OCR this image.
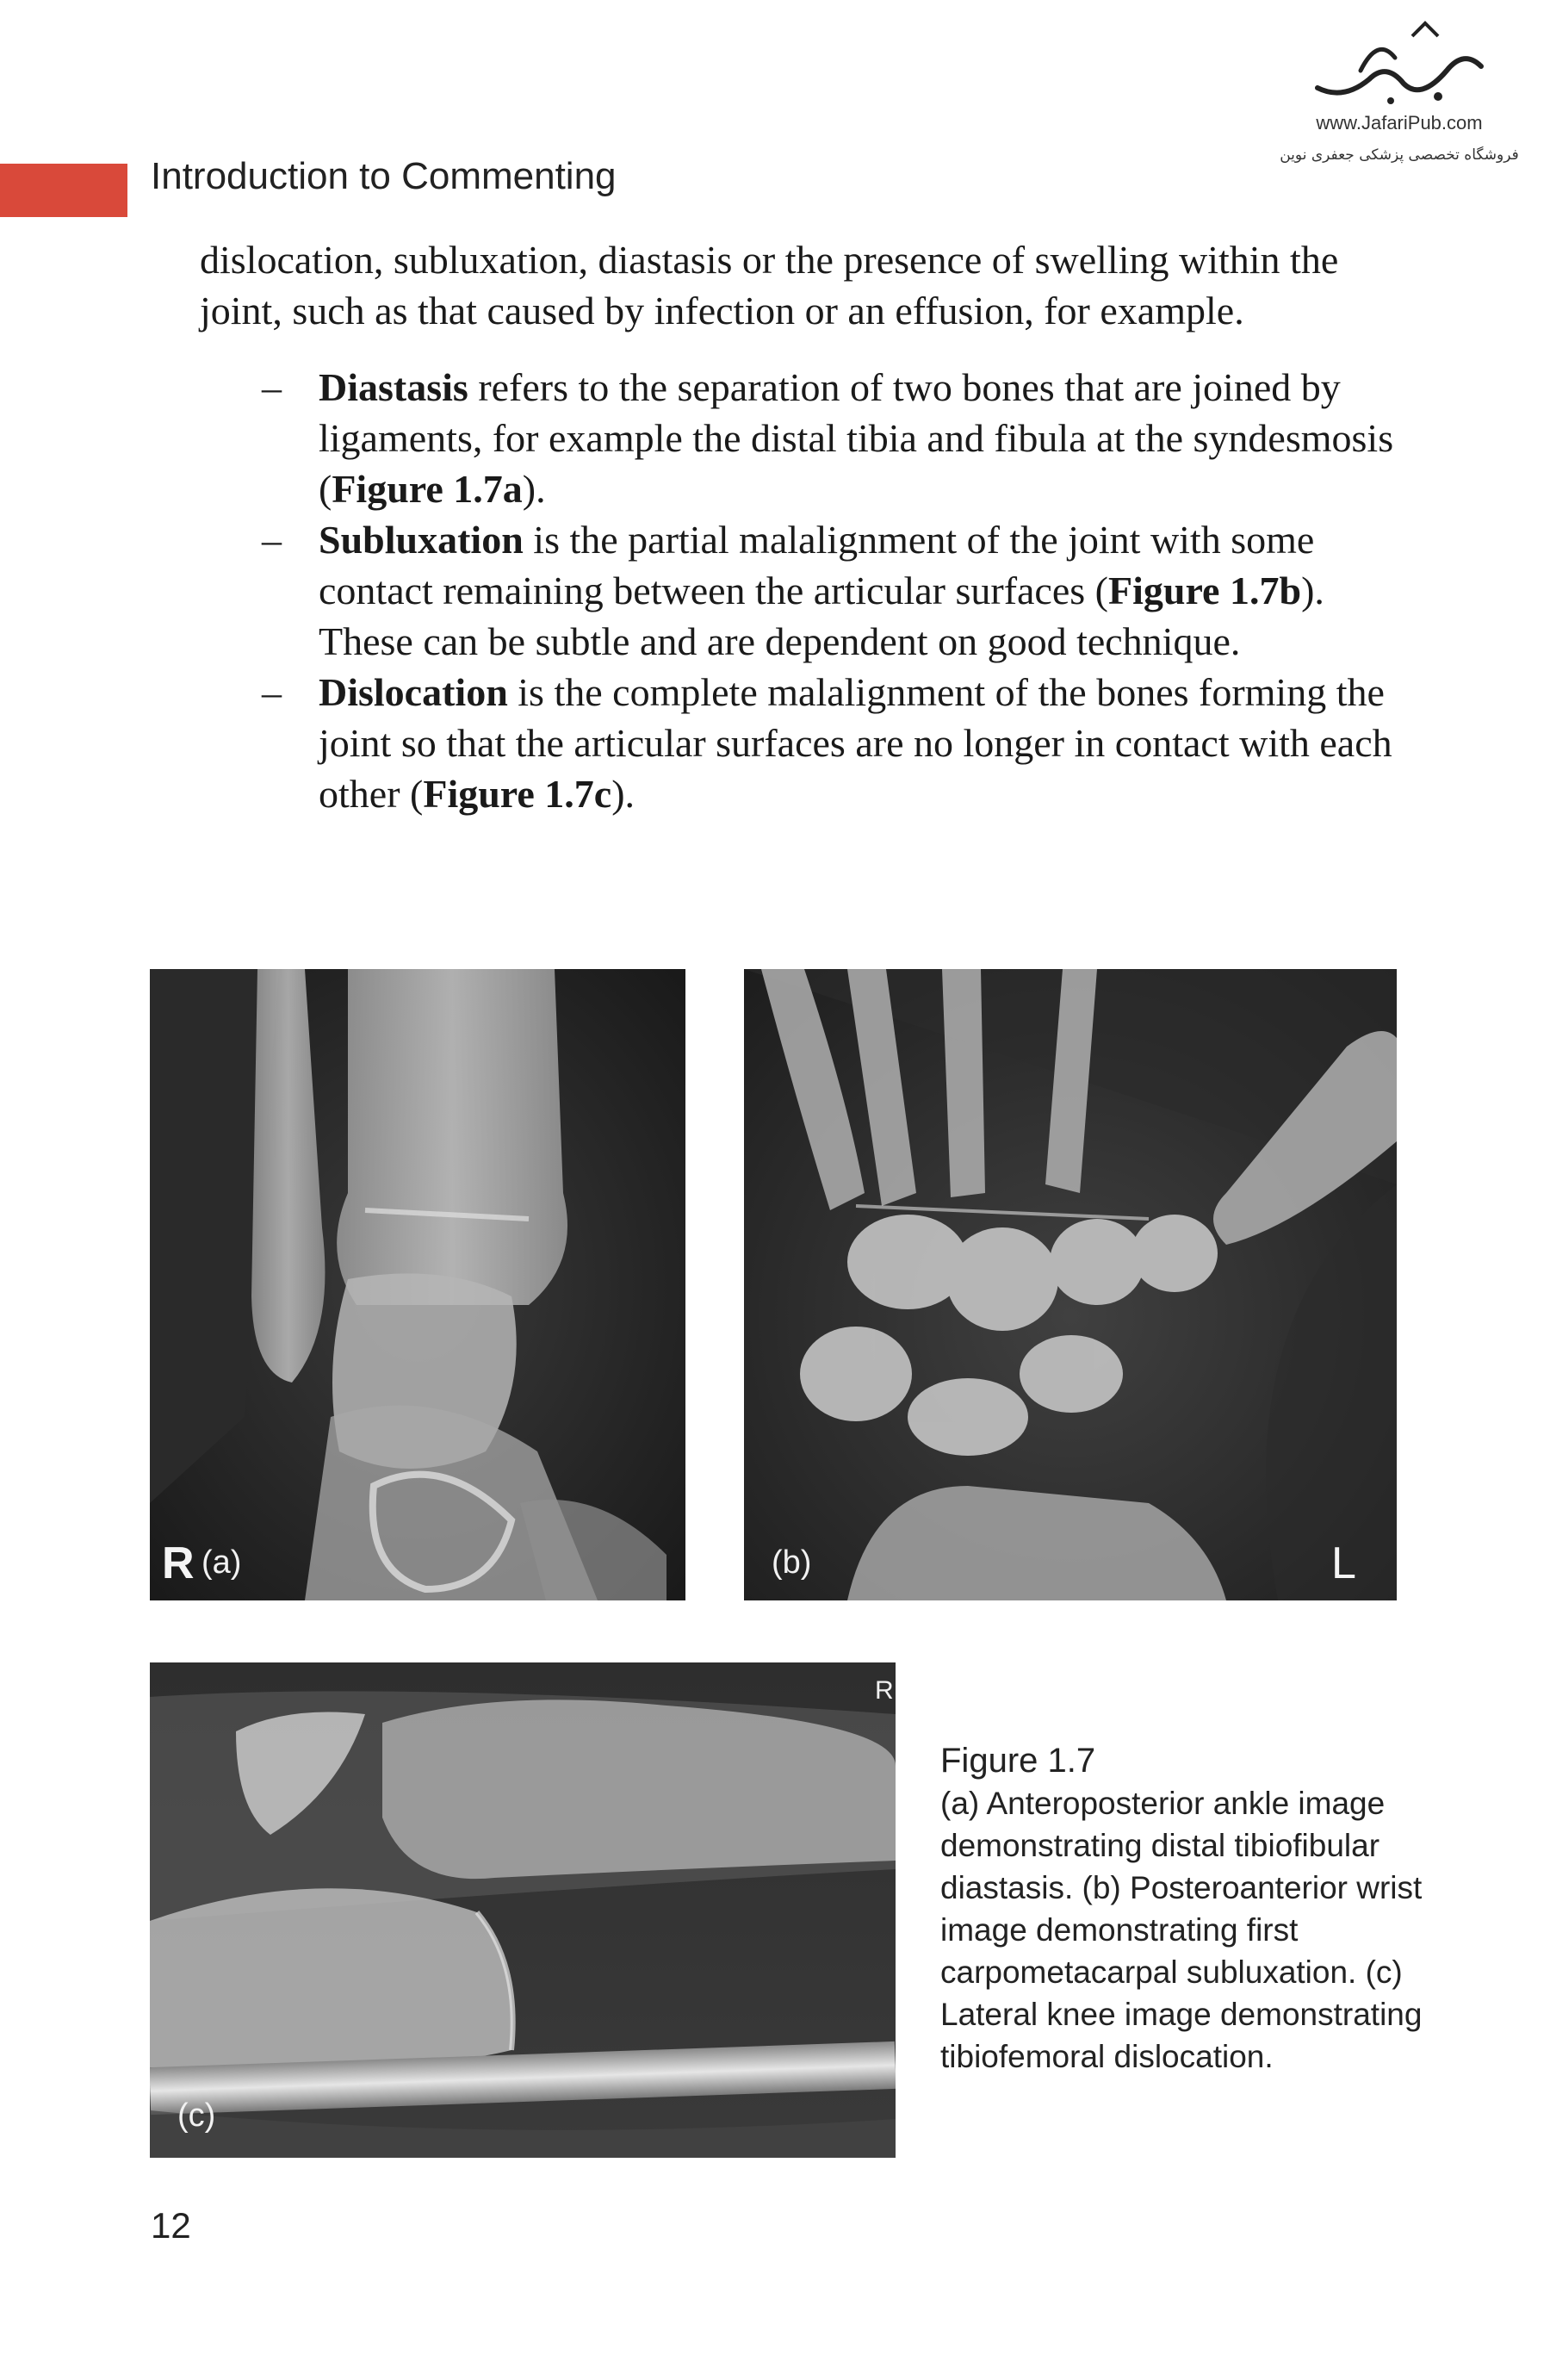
Introduction to Commenting
www.JafariPub.com
فروشگاه تخصصی پزشکی جعفری نوین

dislocation, subluxation, diastasis or the presence of swelling within the joint, such as that caused by infection or an effusion, for example.

– Diastasis refers to the separation of two bones that are joined by ligaments, for example the distal tibia and fibula at the syndesmosis (Figure 1.7a).
– Subluxation is the partial malalignment of the joint with some contact remaining between the articular surfaces (Figure 1.7b). These can be subtle and are dependent on good technique.
– Dislocation is the complete malalignment of the bones forming the joint so that the articular surfaces are no longer in contact with each other (Figure 1.7c).
R (a)	(b)	L
R
(c)
Figure 1.7
(a) Anteroposterior ankle image demonstrating distal tibiofibular diastasis. (b) Posteroanterior wrist image demonstrating first carpometacarpal subluxation. (c) Lateral knee image demonstrating tibiofemoral dislocation.
12
